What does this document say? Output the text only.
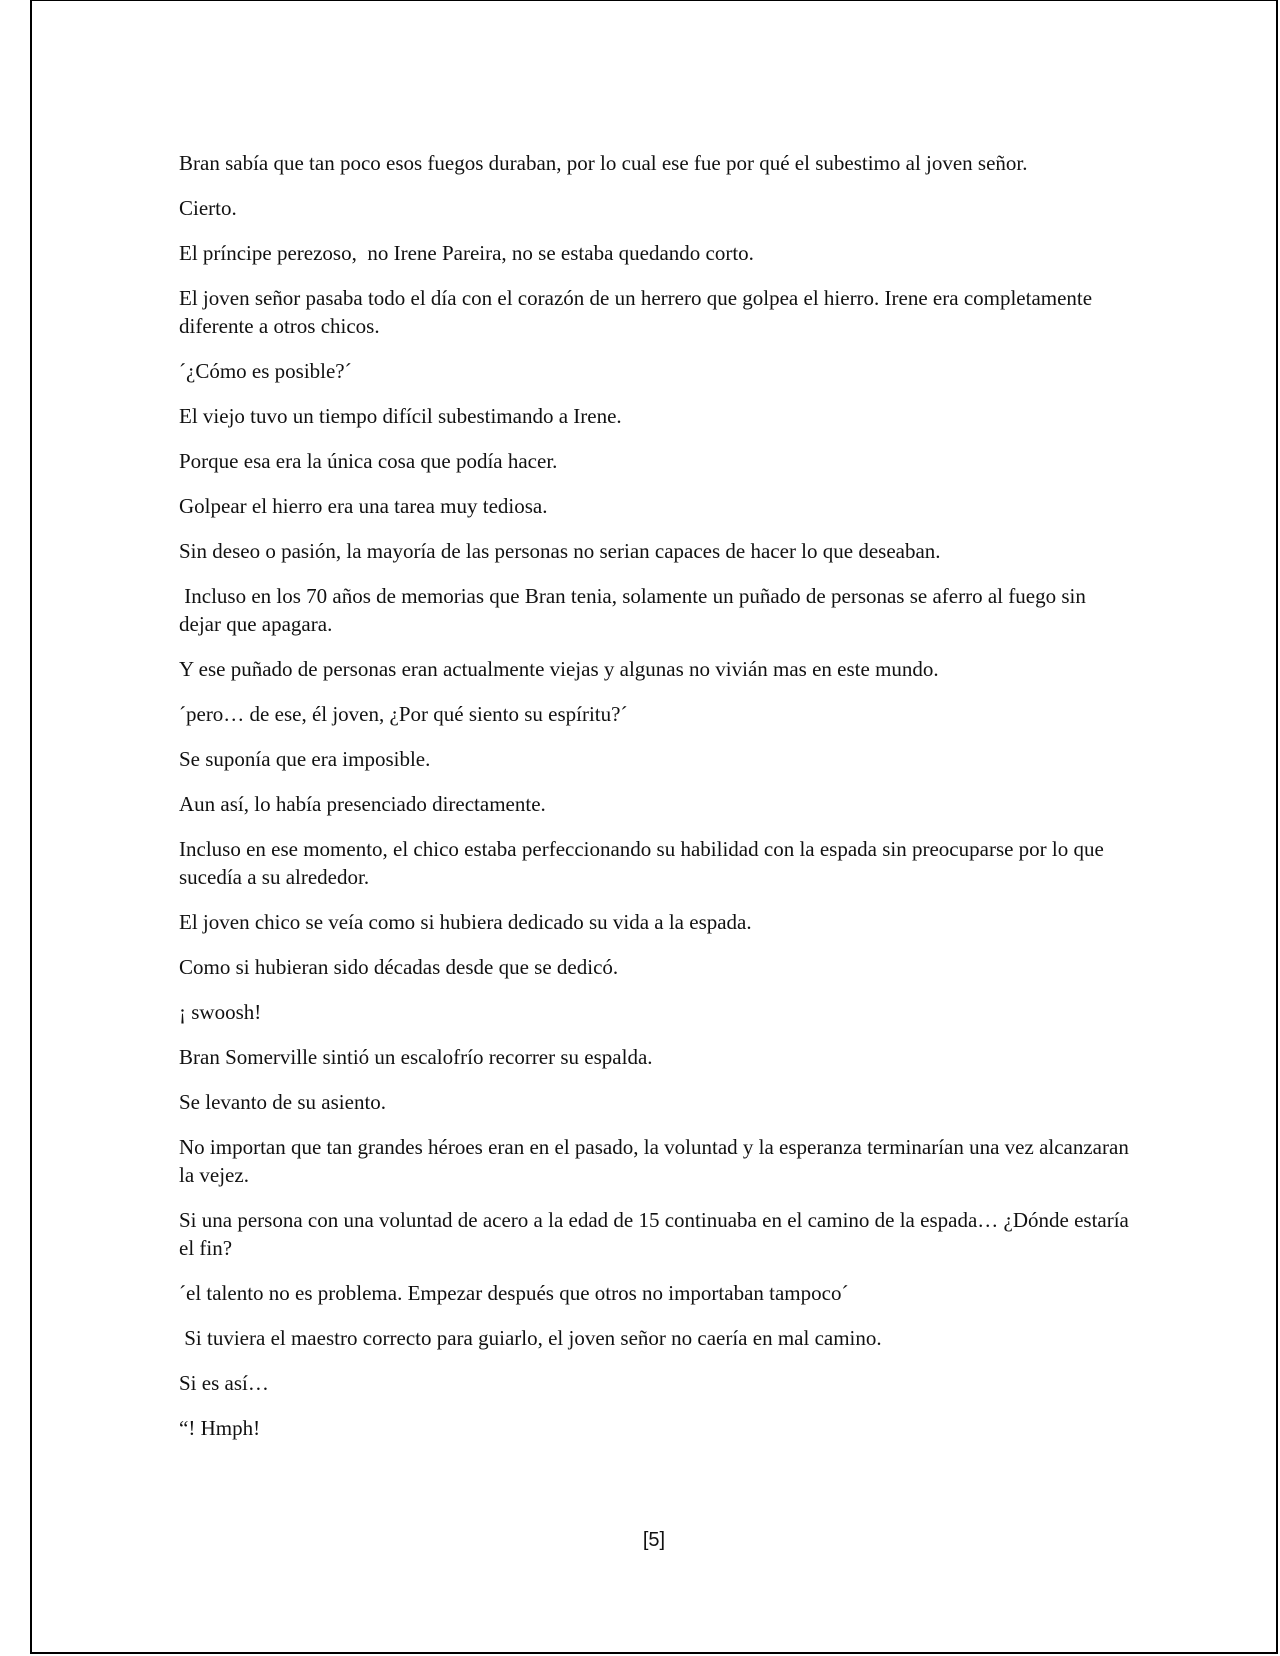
Bran sabía que tan poco esos fuegos duraban, por lo cual ese fue por qué el subestimo al joven señor.

Cierto.

El príncipe perezoso,  no Irene Pareira, no se estaba quedando corto.

El joven señor pasaba todo el día con el corazón de un herrero que golpea el hierro. Irene era completamente diferente a otros chicos.

´¿Cómo es posible?´

El viejo tuvo un tiempo difícil subestimando a Irene.

Porque esa era la única cosa que podía hacer.

Golpear el hierro era una tarea muy tediosa.

Sin deseo o pasión, la mayoría de las personas no serian capaces de hacer lo que deseaban.

Incluso en los 70 años de memorias que Bran tenia, solamente un puñado de personas se aferro al fuego sin dejar que apagara.

Y ese puñado de personas eran actualmente viejas y algunas no vivián mas en este mundo.

´pero… de ese, él joven, ¿Por qué siento su espíritu?´

Se suponía que era imposible.

Aun así, lo había presenciado directamente.

Incluso en ese momento, el chico estaba perfeccionando su habilidad con la espada sin preocuparse por lo que sucedía a su alrededor.

El joven chico se veía como si hubiera dedicado su vida a la espada.

Como si hubieran sido décadas desde que se dedicó.

¡ swoosh!

Bran Somerville sintió un escalofrío recorrer su espalda.

Se levanto de su asiento.

No importan que tan grandes héroes eran en el pasado, la voluntad y la esperanza terminarían una vez alcanzaran la vejez.

Si una persona con una voluntad de acero a la edad de 15 continuaba en el camino de la espada… ¿Dónde estaría el fin?

´el talento no es problema. Empezar después que otros no importaban tampoco´

Si tuviera el maestro correcto para guiarlo, el joven señor no caería en mal camino.

Si es así…

“! Hmph!

[5]
